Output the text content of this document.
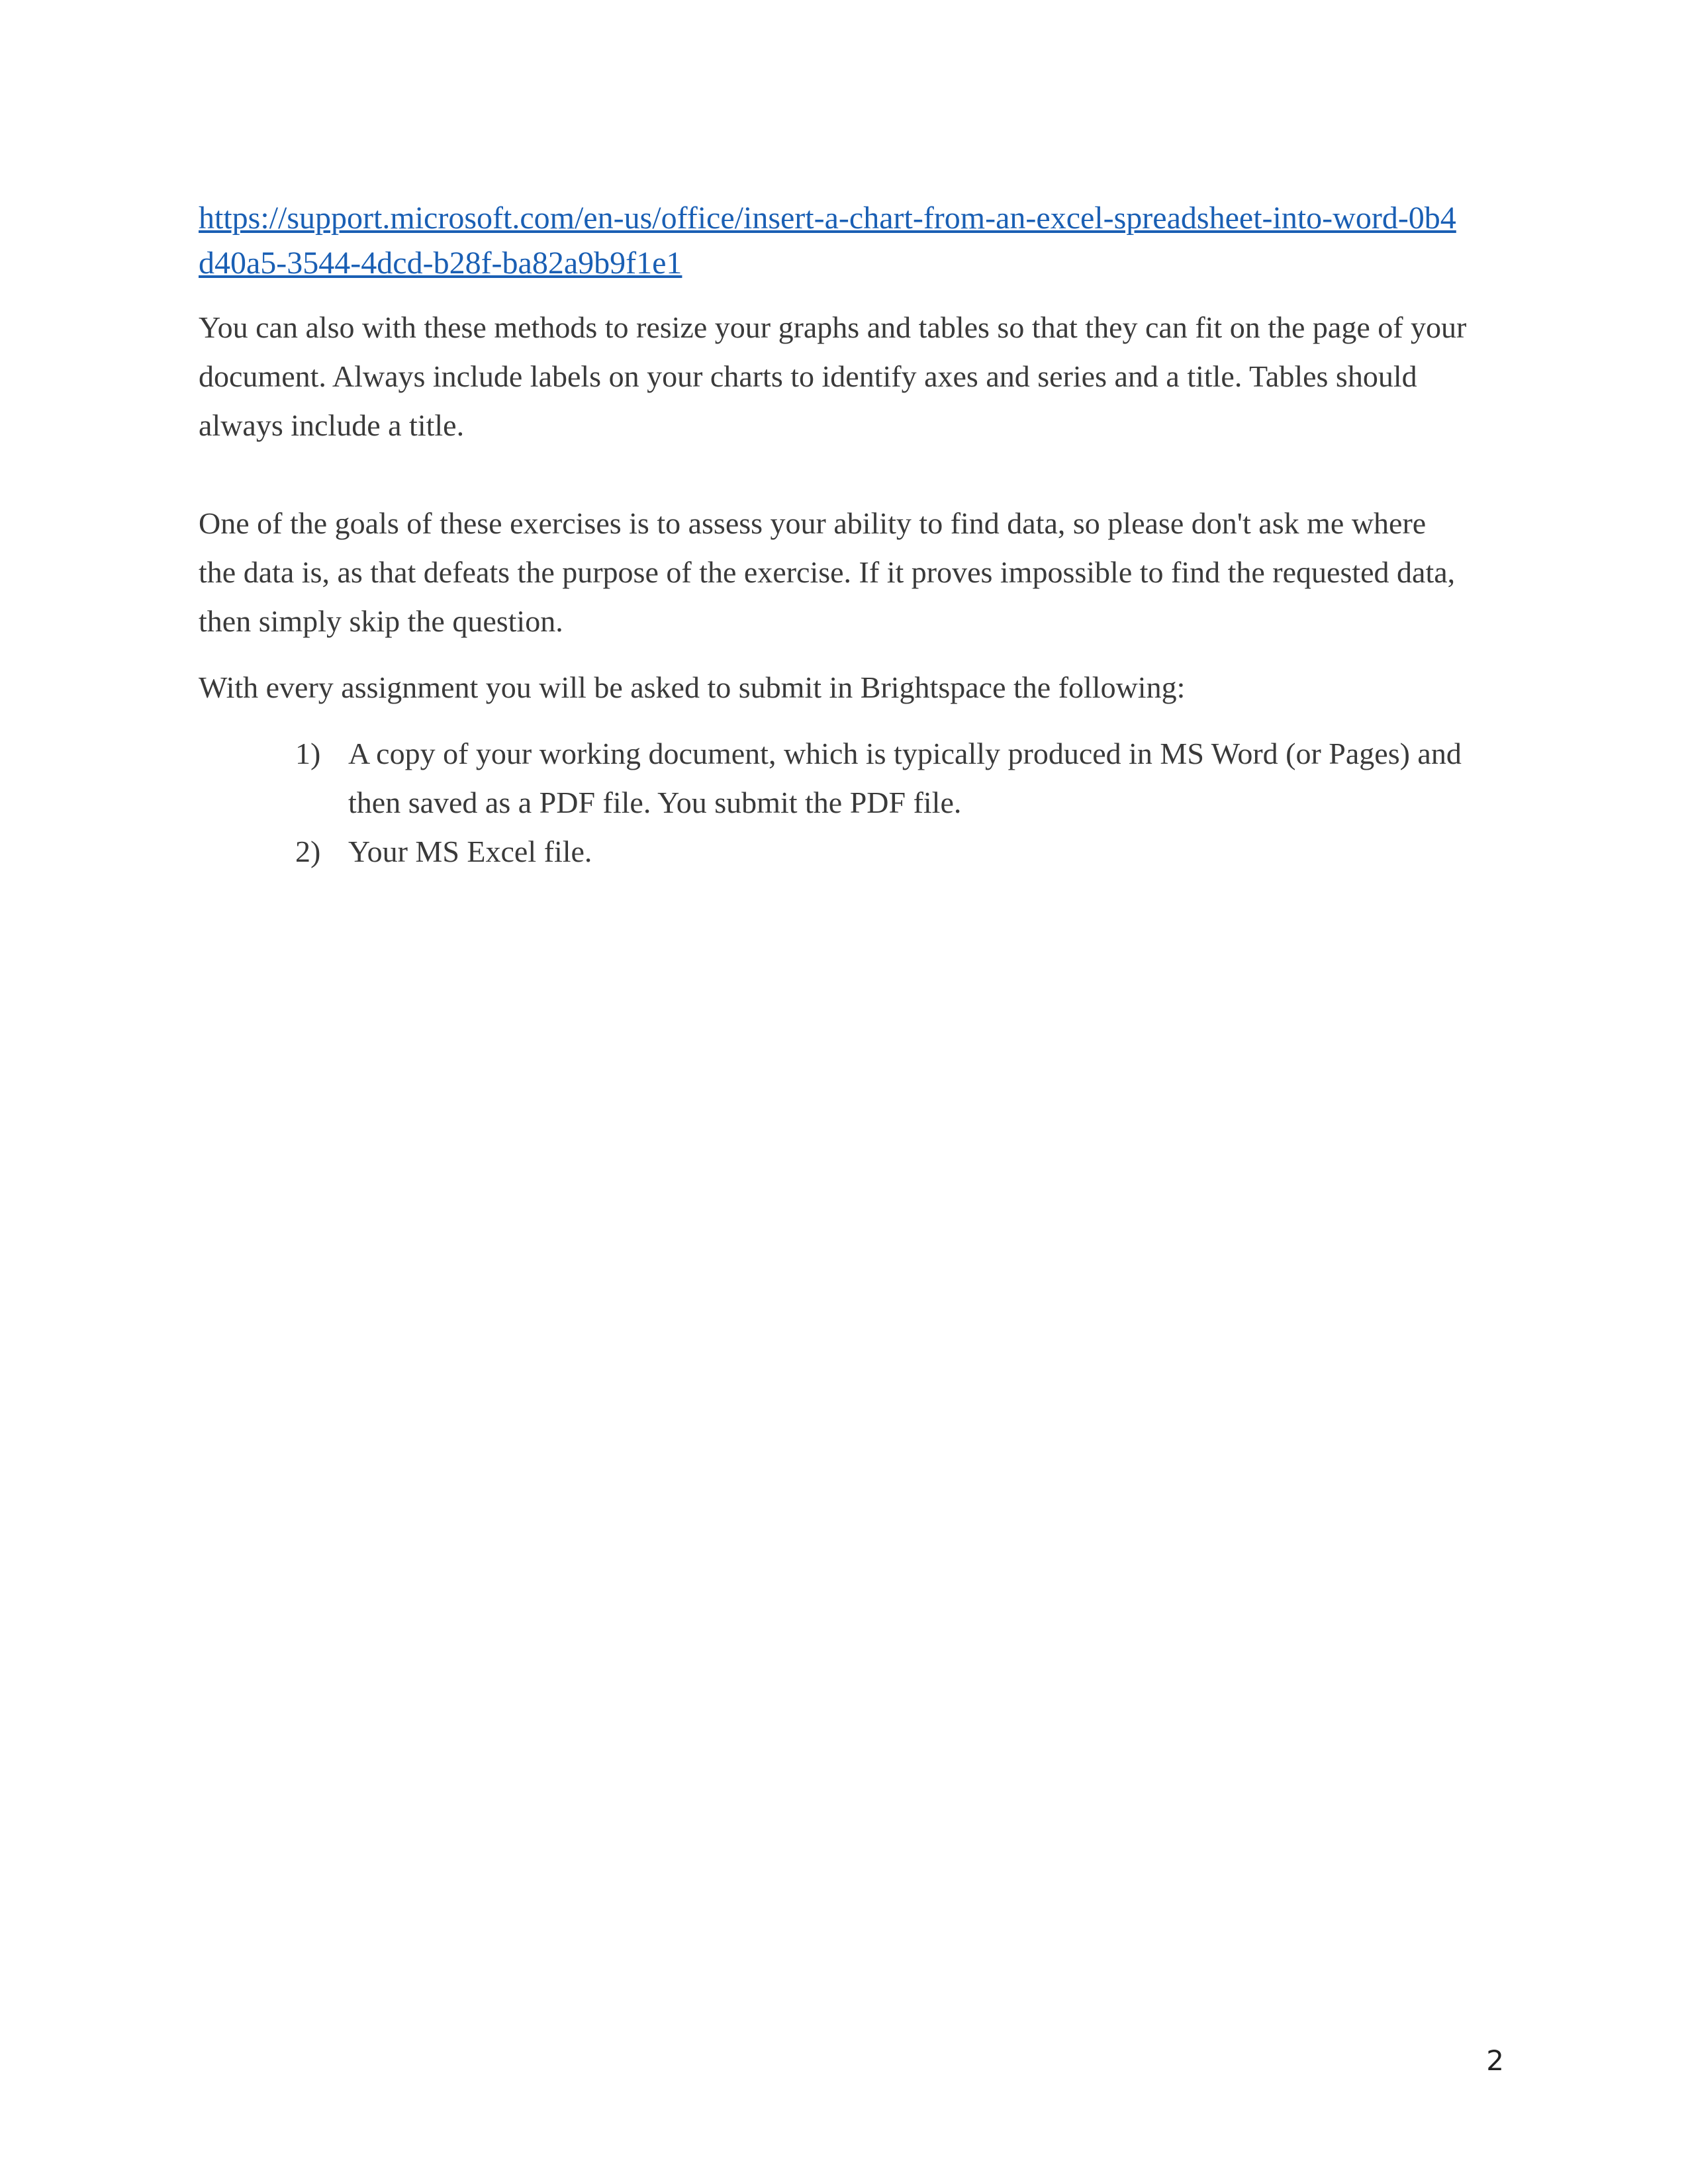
https://support.microsoft.com/en-us/office/insert-a-chart-from-an-excel-spreadsheet-into-word-0b4d40a5-3544-4dcd-b28f-ba82a9b9f1e1

You can also with these methods to resize your graphs and tables so that they can fit on the page of your document. Always include labels on your charts to identify axes and series and a title. Tables should always include a title.

One of the goals of these exercises is to assess your ability to find data, so please don't ask me where the data is, as that defeats the purpose of the exercise. If it proves impossible to find the requested data, then simply skip the question.

With every assignment you will be asked to submit in Brightspace the following:

1) A copy of your working document, which is typically produced in MS Word (or Pages) and then saved as a PDF file. You submit the PDF file.
2) Your MS Excel file.
2
